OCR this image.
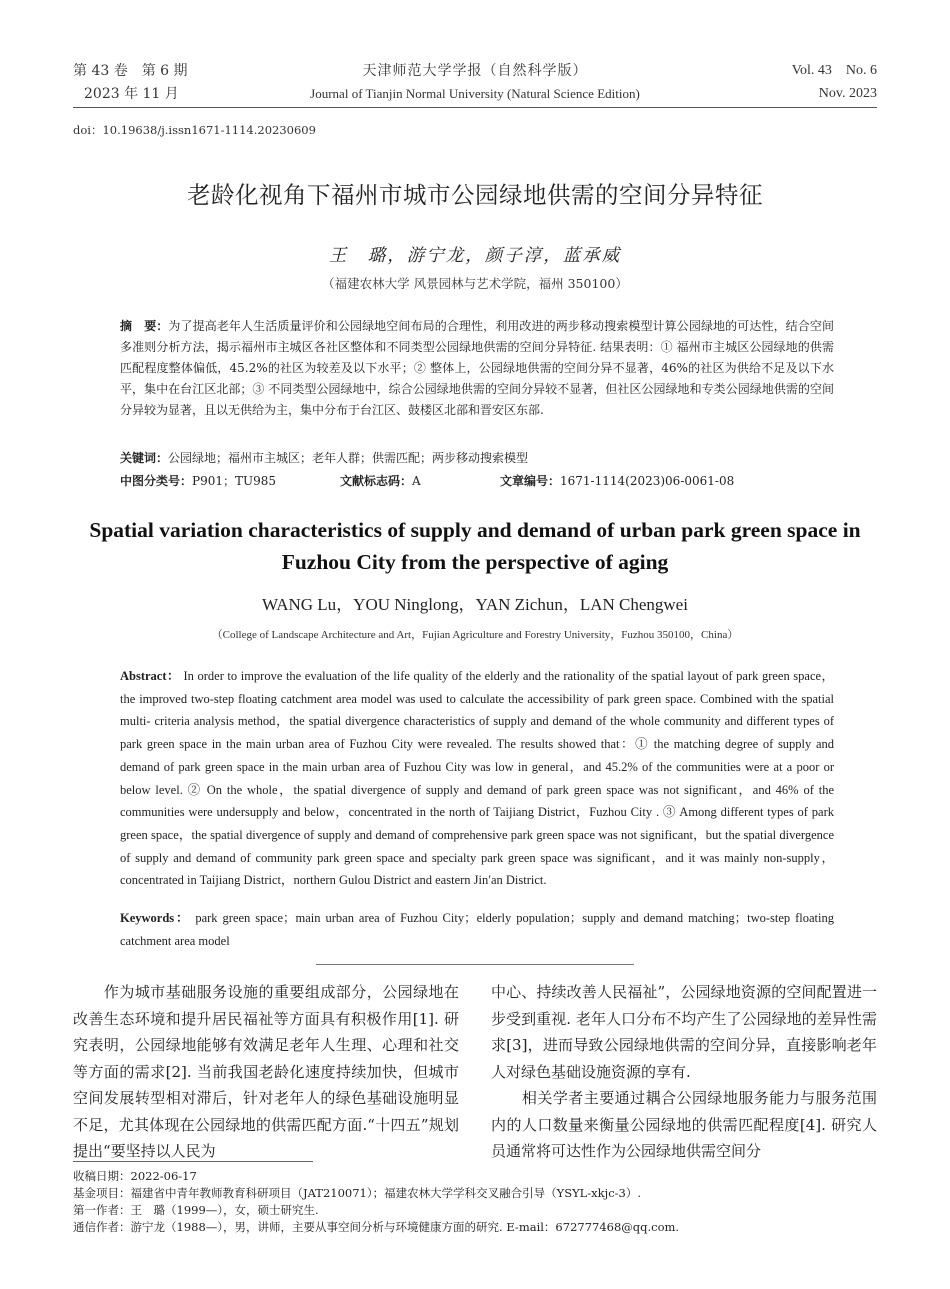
第 43 卷　第 6 期
2023 年 11 月
天津师范大学学报（自然科学版）
Journal of Tianjin Normal University (Natural Science Edition)
Vol. 43　No. 6
Nov. 2023
doi：10.19638/j.issn1671-1114.20230609
老龄化视角下福州市城市公园绿地供需的空间分异特征
王　璐，游宁龙，颜子淳，蓝承威
（福建农林大学 风景园林与艺术学院，福州 350100）
摘　要：为了提高老年人生活质量评价和公园绿地空间布局的合理性，利用改进的两步移动搜索模型计算公园绿地的可达性，结合空间多准则分析方法，揭示福州市主城区各社区整体和不同类型公园绿地供需的空间分异特征. 结果表明：① 福州市主城区公园绿地的供需匹配程度整体偏低，45.2%的社区为较差及以下水平；② 整体上，公园绿地供需的空间分异不显著，46%的社区为供给不足及以下水平，集中在台江区北部；③ 不同类型公园绿地中，综合公园绿地供需的空间分异较不显著，但社区公园绿地和专类公园绿地供需的空间分异较为显著，且以无供给为主，集中分布于台江区、鼓楼区北部和晋安区东部.
关键词：公园绿地；福州市主城区；老年人群；供需匹配；两步移动搜索模型
中图分类号：P901；TU985	文献标志码：A	文章编号：1671-1114(2023)06-0061-08
Spatial variation characteristics of supply and demand of urban park green space in Fuzhou City from the perspective of aging
WANG Lu，YOU Ninglong，YAN Zichun，LAN Chengwei
（College of Landscape Architecture and Art，Fujian Agriculture and Forestry University，Fuzhou 350100，China）
Abstract： In order to improve the evaluation of the life quality of the elderly and the rationality of the spatial layout of park green space，the improved two-step floating catchment area model was used to calculate the accessibility of park green space. Combined with the spatial multi- criteria analysis method，the spatial divergence characteristics of supply and demand of the whole community and different types of park green space in the main urban area of Fuzhou City were revealed. The results showed that：① the matching degree of supply and demand of park green space in the main urban area of Fuzhou City was low in general，and 45.2% of the communities were at a poor or below level. ② On the whole，the spatial divergence of supply and demand of park green space was not significant，and 46% of the communities were undersupply and below，concentrated in the north of Taijiang District，Fuzhou City . ③ Among different types of park green space，the spatial divergence of supply and demand of comprehensive park green space was not significant，but the spatial divergence of supply and demand of community park green space and specialty park green space was significant，and it was mainly non-supply，concentrated in Taijiang District，northern Gulou District and eastern Jin′an District.
Keywords： park green space；main urban area of Fuzhou City；elderly population；supply and demand matching；two-step floating catchment area model
　　作为城市基础服务设施的重要组成部分，公园绿地在改善生态环境和提升居民福祉等方面具有积极作用[1]. 研究表明，公园绿地能够有效满足老年人生理、心理和社交等方面的需求[2]. 当前我国老龄化速度持续加快，但城市空间发展转型相对滞后，针对老年人的绿色基础设施明显不足，尤其体现在公园绿地的供需匹配方面.“十四五”规划提出“要坚持以人民为
中心、持续改善人民福祉”，公园绿地资源的空间配置进一步受到重视. 老年人口分布不均产生了公园绿地的差异性需求[3]，进而导致公园绿地供需的空间分异，直接影响老年人对绿色基础设施资源的享有.
　　相关学者主要通过耦合公园绿地服务能力与服务范围内的人口数量来衡量公园绿地的供需匹配程度[4]. 研究人员通常将可达性作为公园绿地供需空间分
收稿日期：2022-06-17
基金项目：福建省中青年教师教育科研项目（JAT210071）；福建农林大学学科交叉融合引导（YSYL-xkjc-3）.
第一作者：王　璐（1999—），女，硕士研究生.
通信作者：游宁龙（1988—），男，讲师，主要从事空间分析与环境健康方面的研究. E-mail：672777468@qq.com.
